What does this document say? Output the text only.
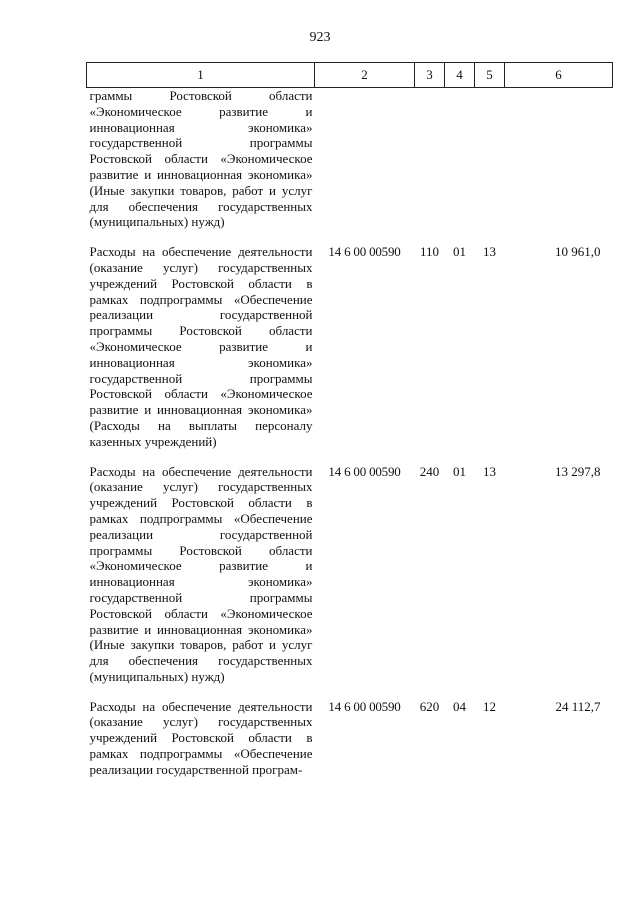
923
1	2	3	4	5	6
граммы Ростовской области «Экономическое развитие и инновационная экономика» государственной программы Ростовской области «Экономическое развитие и инновационная экономика» (Иные закупки товаров, работ и услуг для обеспечения государственных (муниципальных) нужд)					
Расходы на обеспечение деятельности (оказание услуг) государственных учреждений Ростовской области в рамках подпрограммы «Обеспечение реализации государственной программы Ростовской области «Экономическое развитие и инновационная экономика» государственной программы Ростовской области «Экономическое развитие и инновационная экономика» (Расходы на выплаты персоналу казенных учреждений)	14 6 00 00590	110	01	13	10 961,0
Расходы на обеспечение деятельности (оказание услуг) государственных учреждений Ростовской области в рамках подпрограммы «Обеспечение реализации государственной программы Ростовской области «Экономическое развитие и инновационная экономика» государственной программы Ростовской области «Экономическое развитие и инновационная экономика» (Иные закупки товаров, работ и услуг для обеспечения государственных (муниципальных) нужд)	14 6 00 00590	240	01	13	13 297,8
Расходы на обеспечение деятельности (оказание услуг) государственных учреждений Ростовской области в рамках подпрограммы «Обеспечение реализации государственной програм-	14 6 00 00590	620	04	12	24 112,7
